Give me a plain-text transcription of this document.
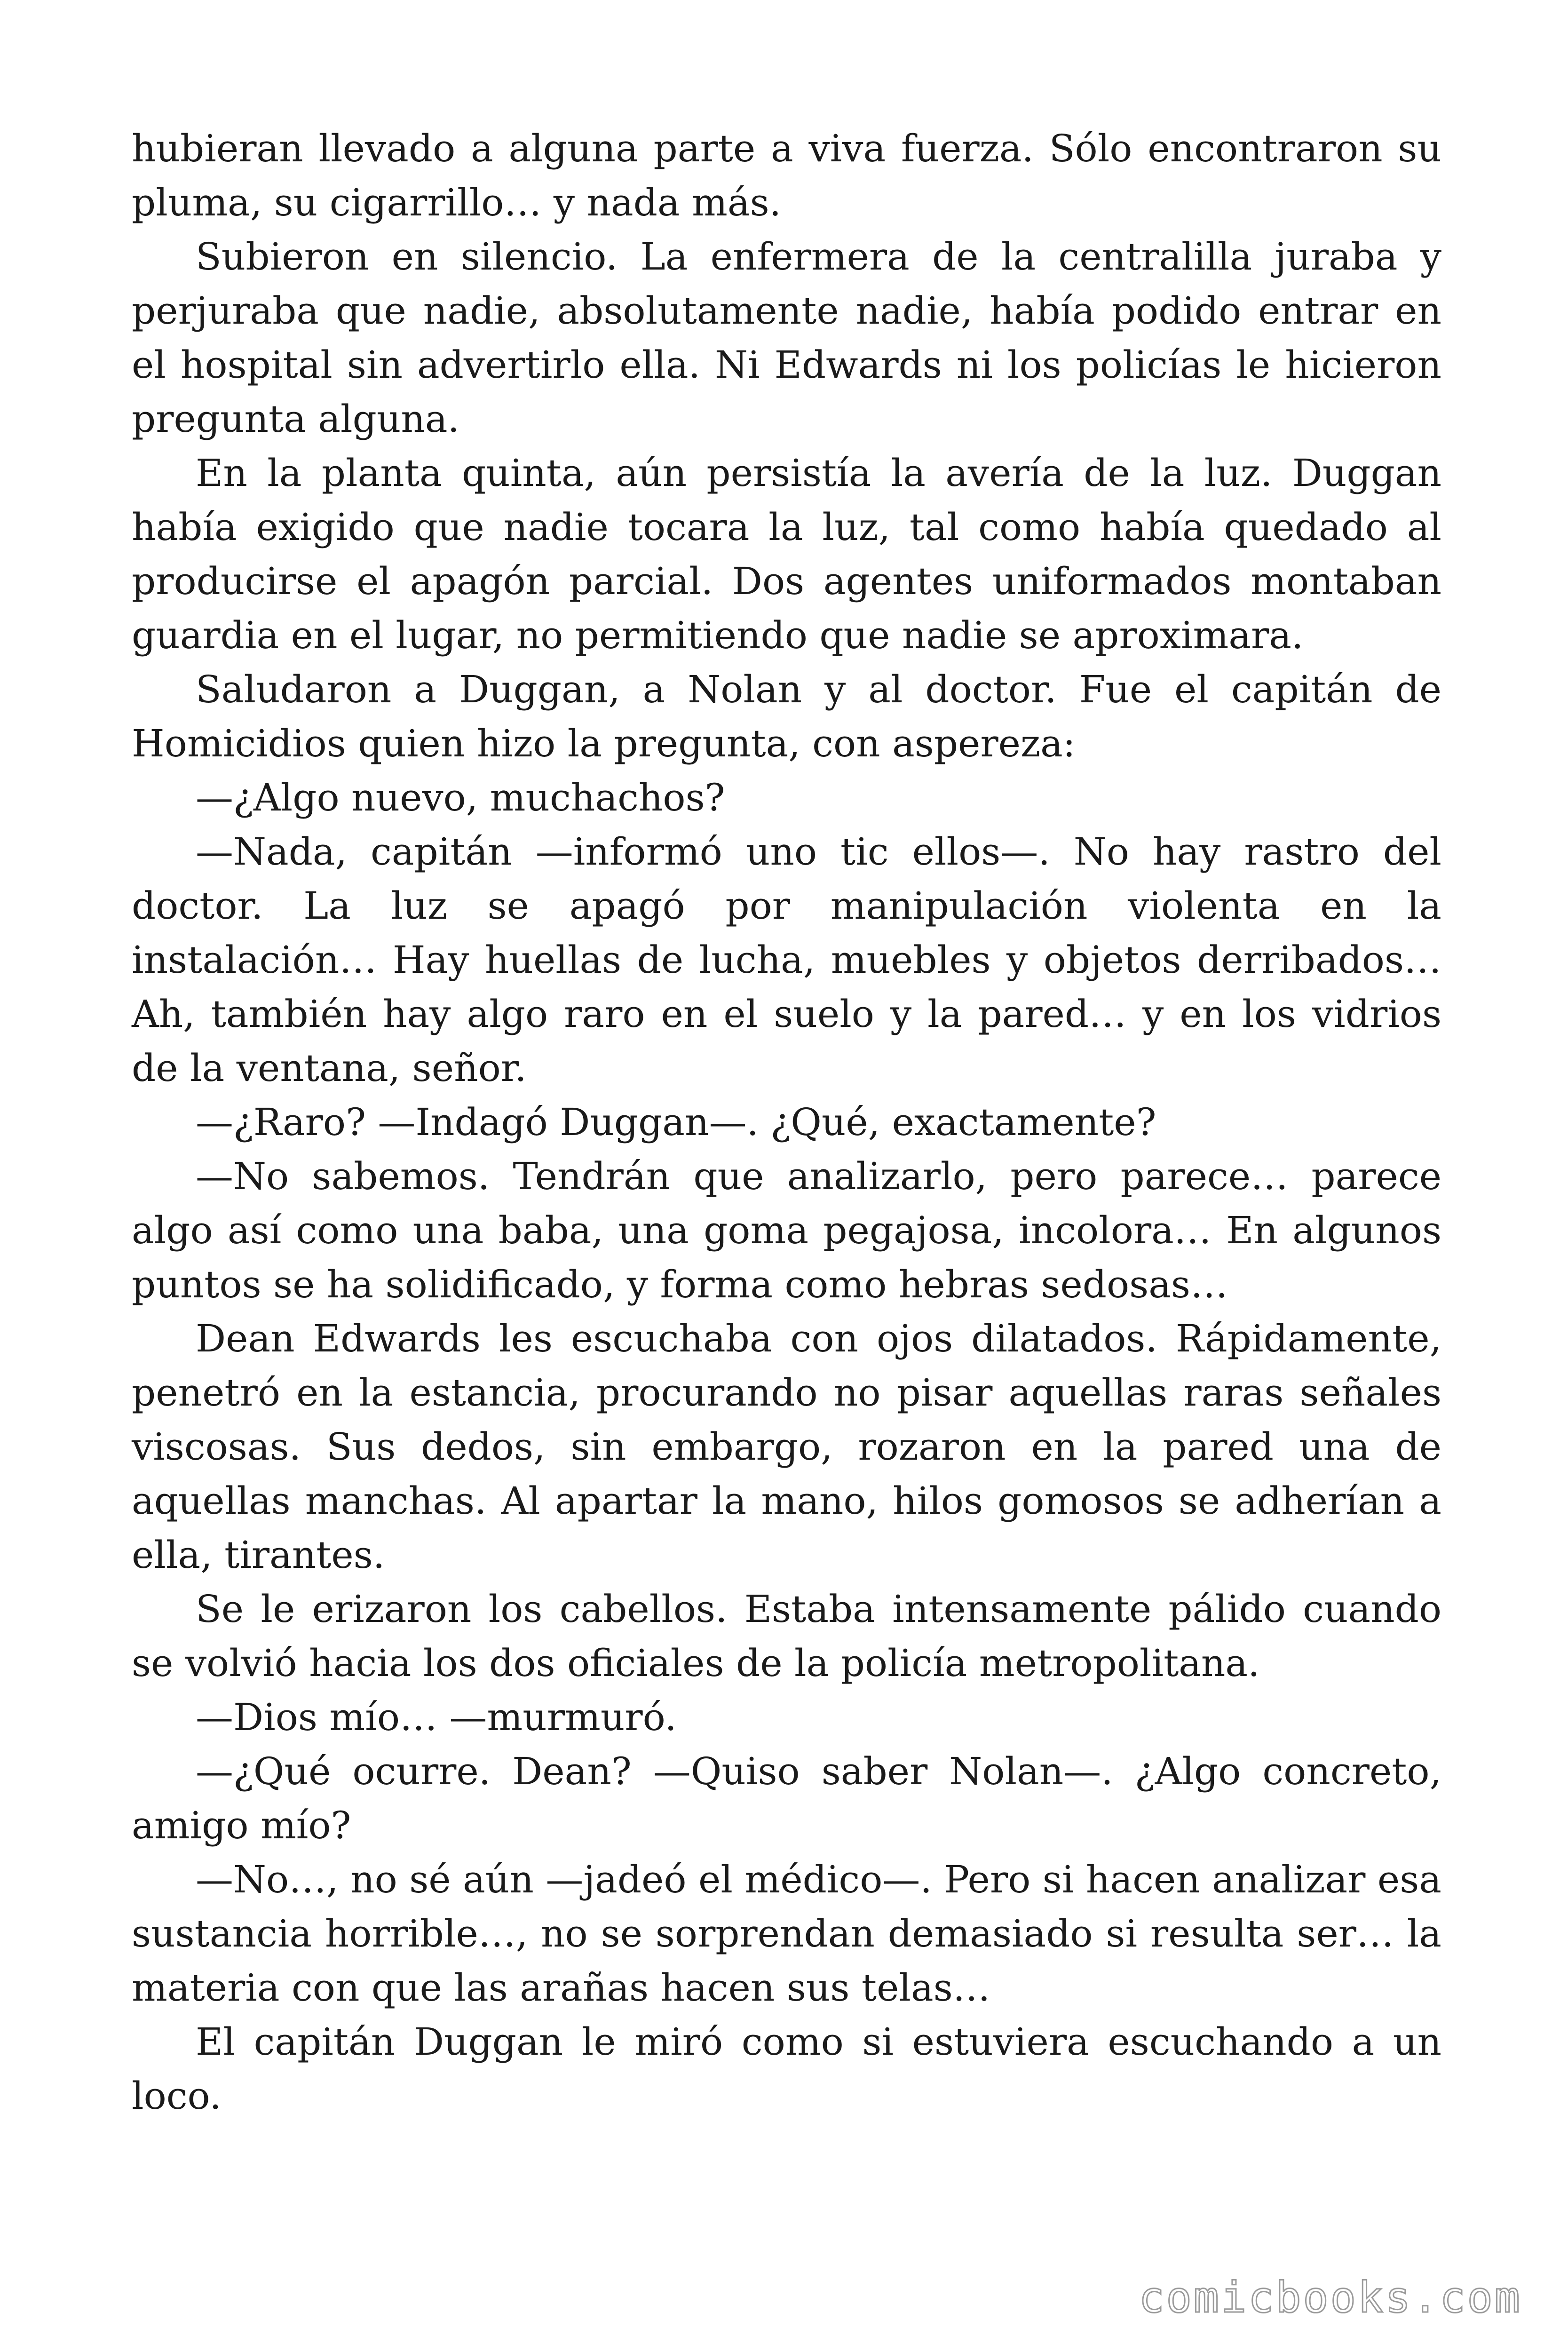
hubieran llevado a alguna parte a viva fuerza. Sólo encontraron su pluma, su cigarrillo… y nada más.

Subieron en silencio. La enfermera de la centralilla juraba y perjuraba que nadie, absolutamente nadie, había podido entrar en el hospital sin advertirlo ella. Ni Edwards ni los policías le hicieron pregunta alguna.

En la planta quinta, aún persistía la avería de la luz. Duggan había exigido que nadie tocara la luz, tal como había quedado al producirse el apagón parcial. Dos agentes uniformados montaban guardia en el lugar, no permitiendo que nadie se aproximara.

Saludaron a Duggan, a Nolan y al doctor. Fue el capitán de Homicidios quien hizo la pregunta, con aspereza:

—¿Algo nuevo, muchachos?

—Nada, capitán —informó uno tic ellos—. No hay rastro del doctor. La luz se apagó por manipulación violenta en la instalación… Hay huellas de lucha, muebles y objetos derribados… Ah, también hay algo raro en el suelo y la pared… y en los vidrios de la ventana, señor.

—¿Raro? —Indagó Duggan—. ¿Qué, exactamente?

—No sabemos. Tendrán que analizarlo, pero parece… parece algo así como una baba, una goma pegajosa, incolora… En algunos puntos se ha solidificado, y forma como hebras sedosas…

Dean Edwards les escuchaba con ojos dilatados. Rápidamente, penetró en la estancia, procurando no pisar aquellas raras señales viscosas. Sus dedos, sin embargo, rozaron en la pared una de aquellas manchas. Al apartar la mano, hilos gomosos se adherían a ella, tirantes.

Se le erizaron los cabellos. Estaba intensamente pálido cuando se volvió hacia los dos oficiales de la policía metropolitana.

—Dios mío… —murmuró.

—¿Qué ocurre. Dean? —Quiso saber Nolan—. ¿Algo concreto, amigo mío?

—No…, no sé aún —jadeó el médico—. Pero si hacen analizar esa sustancia horrible…, no se sorprendan demasiado si resulta ser… la materia con que las arañas hacen sus telas…

El capitán Duggan le miró como si estuviera escuchando a un loco.

comicbooks.com
